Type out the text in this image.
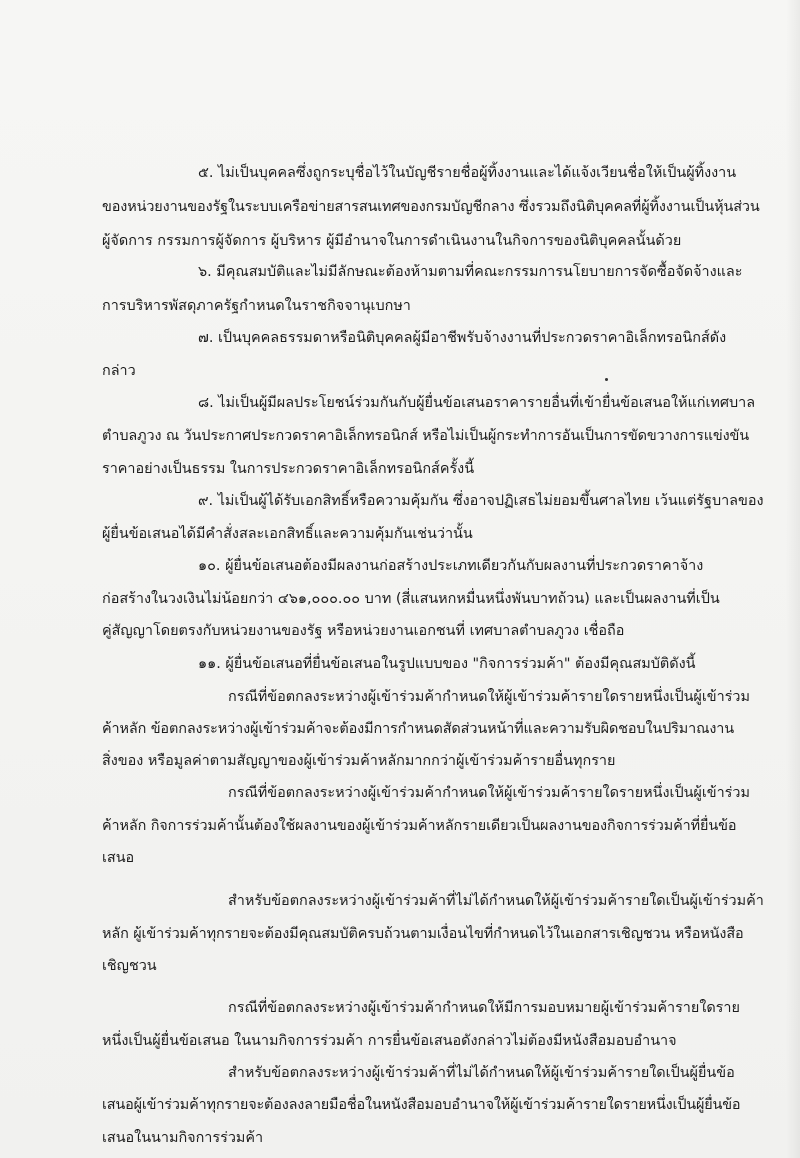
๕. ไม่เป็นบุคคลซึ่งถูกระบุชื่อไว้ในบัญชีรายชื่อผู้ทิ้งงานและได้แจ้งเวียนชื่อให้เป็นผู้ทิ้งงาน
ของหน่วยงานของรัฐในระบบเครือข่ายสารสนเทศของกรมบัญชีกลาง ซึ่งรวมถึงนิติบุคคลที่ผู้ทิ้งงานเป็นหุ้นส่วน
ผู้จัดการ กรรมการผู้จัดการ ผู้บริหาร ผู้มีอำนาจในการดำเนินงานในกิจการของนิติบุคคลนั้นด้วย
๖. มีคุณสมบัติและไม่มีลักษณะต้องห้ามตามที่คณะกรรมการนโยบายการจัดซื้อจัดจ้างและ
การบริหารพัสดุภาครัฐกำหนดในราชกิจจานุเบกษา
๗. เป็นบุคคลธรรมดาหรือนิติบุคคลผู้มีอาชีพรับจ้างงานที่ประกวดราคาอิเล็กทรอนิกส์ดัง
กล่าว
๘. ไม่เป็นผู้มีผลประโยชน์ร่วมกันกับผู้ยื่นข้อเสนอราคารายอื่นที่เข้ายื่นข้อเสนอให้แก่เทศบาล
ตำบลภูวง ณ วันประกาศประกวดราคาอิเล็กทรอนิกส์ หรือไม่เป็นผู้กระทำการอันเป็นการขัดขวางการแข่งขัน
ราคาอย่างเป็นธรรม ในการประกวดราคาอิเล็กทรอนิกส์ครั้งนี้
๙. ไม่เป็นผู้ได้รับเอกสิทธิ์หรือความคุ้มกัน ซึ่งอาจปฏิเสธไม่ยอมขึ้นศาลไทย เว้นแต่รัฐบาลของ
ผู้ยื่นข้อเสนอได้มีคำสั่งสละเอกสิทธิ์และความคุ้มกันเช่นว่านั้น
๑๐. ผู้ยื่นข้อเสนอต้องมีผลงานก่อสร้างประเภทเดียวกันกับผลงานที่ประกวดราคาจ้าง
ก่อสร้างในวงเงินไม่น้อยกว่า ๔๖๑,๐๐๐.๐๐ บาท (สี่แสนหกหมื่นหนึ่งพันบาทถ้วน) และเป็นผลงานที่เป็น
คู่สัญญาโดยตรงกับหน่วยงานของรัฐ หรือหน่วยงานเอกชนที่ เทศบาลตำบลภูวง เชื่อถือ
๑๑. ผู้ยื่นข้อเสนอที่ยื่นข้อเสนอในรูปแบบของ "กิจการร่วมค้า" ต้องมีคุณสมบัติดังนี้
กรณีที่ข้อตกลงระหว่างผู้เข้าร่วมค้ากำหนดให้ผู้เข้าร่วมค้ารายใดรายหนึ่งเป็นผู้เข้าร่วม
ค้าหลัก ข้อตกลงระหว่างผู้เข้าร่วมค้าจะต้องมีการกำหนดสัดส่วนหน้าที่และความรับผิดชอบในปริมาณงาน
สิ่งของ หรือมูลค่าตามสัญญาของผู้เข้าร่วมค้าหลักมากกว่าผู้เข้าร่วมค้ารายอื่นทุกราย
กรณีที่ข้อตกลงระหว่างผู้เข้าร่วมค้ากำหนดให้ผู้เข้าร่วมค้ารายใดรายหนึ่งเป็นผู้เข้าร่วม
ค้าหลัก กิจการร่วมค้านั้นต้องใช้ผลงานของผู้เข้าร่วมค้าหลักรายเดียวเป็นผลงานของกิจการร่วมค้าที่ยื่นข้อ
เสนอ
สำหรับข้อตกลงระหว่างผู้เข้าร่วมค้าที่ไม่ได้กำหนดให้ผู้เข้าร่วมค้ารายใดเป็นผู้เข้าร่วมค้า
หลัก ผู้เข้าร่วมค้าทุกรายจะต้องมีคุณสมบัติครบถ้วนตามเงื่อนไขที่กำหนดไว้ในเอกสารเชิญชวน หรือหนังสือ
เชิญชวน
กรณีที่ข้อตกลงระหว่างผู้เข้าร่วมค้ากำหนดให้มีการมอบหมายผู้เข้าร่วมค้ารายใดราย
หนึ่งเป็นผู้ยื่นข้อเสนอ ในนามกิจการร่วมค้า การยื่นข้อเสนอดังกล่าวไม่ต้องมีหนังสือมอบอำนาจ
สำหรับข้อตกลงระหว่างผู้เข้าร่วมค้าที่ไม่ได้กำหนดให้ผู้เข้าร่วมค้ารายใดเป็นผู้ยื่นข้อ
เสนอผู้เข้าร่วมค้าทุกรายจะต้องลงลายมือชื่อในหนังสือมอบอำนาจให้ผู้เข้าร่วมค้ารายใดรายหนึ่งเป็นผู้ยื่นข้อ
เสนอในนามกิจการร่วมค้า
